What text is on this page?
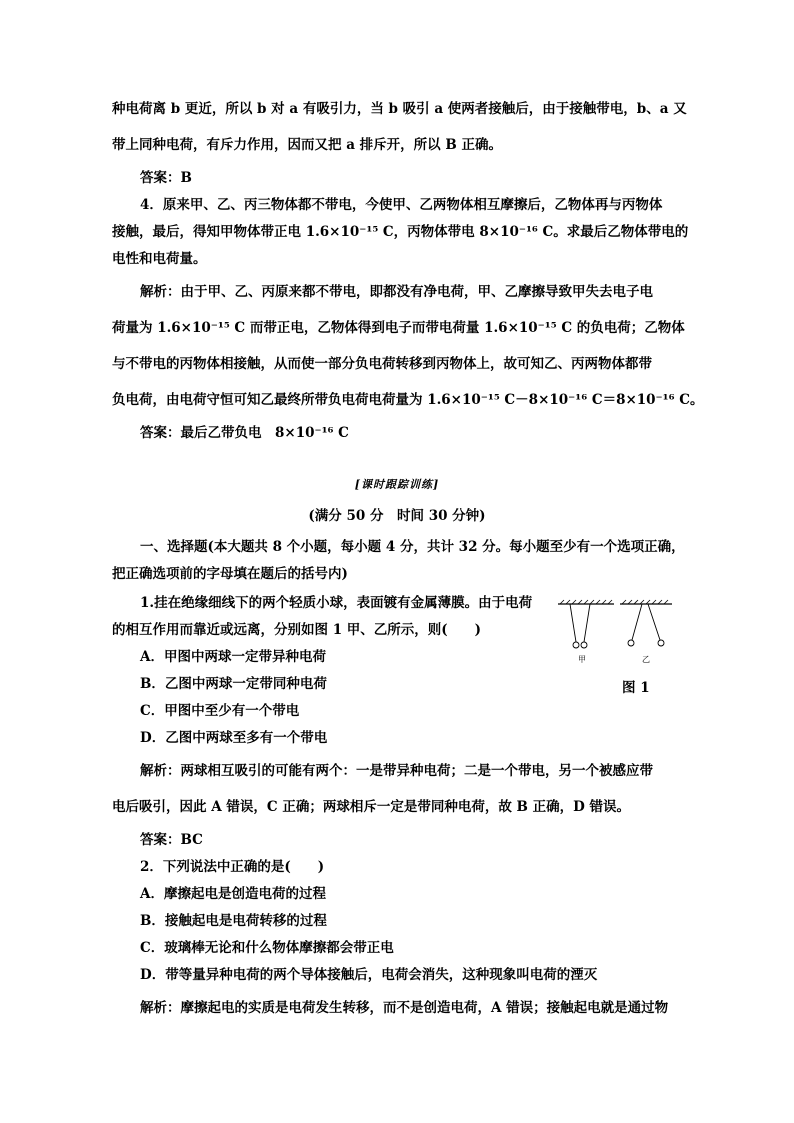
种电荷离 b 更近，所以 b 对 a 有吸引力，当 b 吸引 a 使两者接触后，由于接触带电，b、a 又
带上同种电荷，有斥力作用，因而又把 a 排斥开，所以 B 正确。
答案：B
4．原来甲、乙、丙三物体都不带电，今使甲、乙两物体相互摩擦后，乙物体再与丙物体
接触，最后，得知甲物体带正电 1.6×10⁻¹⁵ C，丙物体带电 8×10⁻¹⁶ C。求最后乙物体带电的
电性和电荷量。
解析：由于甲、乙、丙原来都不带电，即都没有净电荷，甲、乙摩擦导致甲失去电子电
荷量为 1.6×10⁻¹⁵ C 而带正电，乙物体得到电子而带电荷量 1.6×10⁻¹⁵ C 的负电荷；乙物体
与不带电的丙物体相接触，从而使一部分负电荷转移到丙物体上，故可知乙、丙两物体都带
负电荷，由电荷守恒可知乙最终所带负电荷电荷量为 1.6×10⁻¹⁵ C－8×10⁻¹⁶ C＝8×10⁻¹⁶ C。
答案：最后乙带负电　8×10⁻¹⁶ C
[课时跟踪训练]
(满分 50 分　时间 30 分钟)
一、选择题(本大题共 8 个小题，每小题 4 分，共计 32 分。每小题至少有一个选项正确，
把正确选项前的字母填在题后的括号内)
1.挂在绝缘细线下的两个轻质小球，表面镀有金属薄膜。由于电荷
的相互作用而靠近或远离，分别如图 1 甲、乙所示，则(　　)
A．甲图中两球一定带异种电荷
B．乙图中两球一定带同种电荷
C．甲图中至少有一个带电
D．乙图中两球至多有一个带电
解析：两球相互吸引的可能有两个：一是带异种电荷；二是一个带电，另一个被感应带
电后吸引，因此 A 错误，C 正确；两球相斥一定是带同种电荷，故 B 正确，D 错误。
答案：BC
2．下列说法中正确的是(　　)
A．摩擦起电是创造电荷的过程
B．接触起电是电荷转移的过程
C．玻璃棒无论和什么物体摩擦都会带正电
D．带等量异种电荷的两个导体接触后，电荷会消失，这种现象叫电荷的湮灭
解析：摩擦起电的实质是电荷发生转移，而不是创造电荷，A 错误；接触起电就是通过物
甲	乙
图 1
